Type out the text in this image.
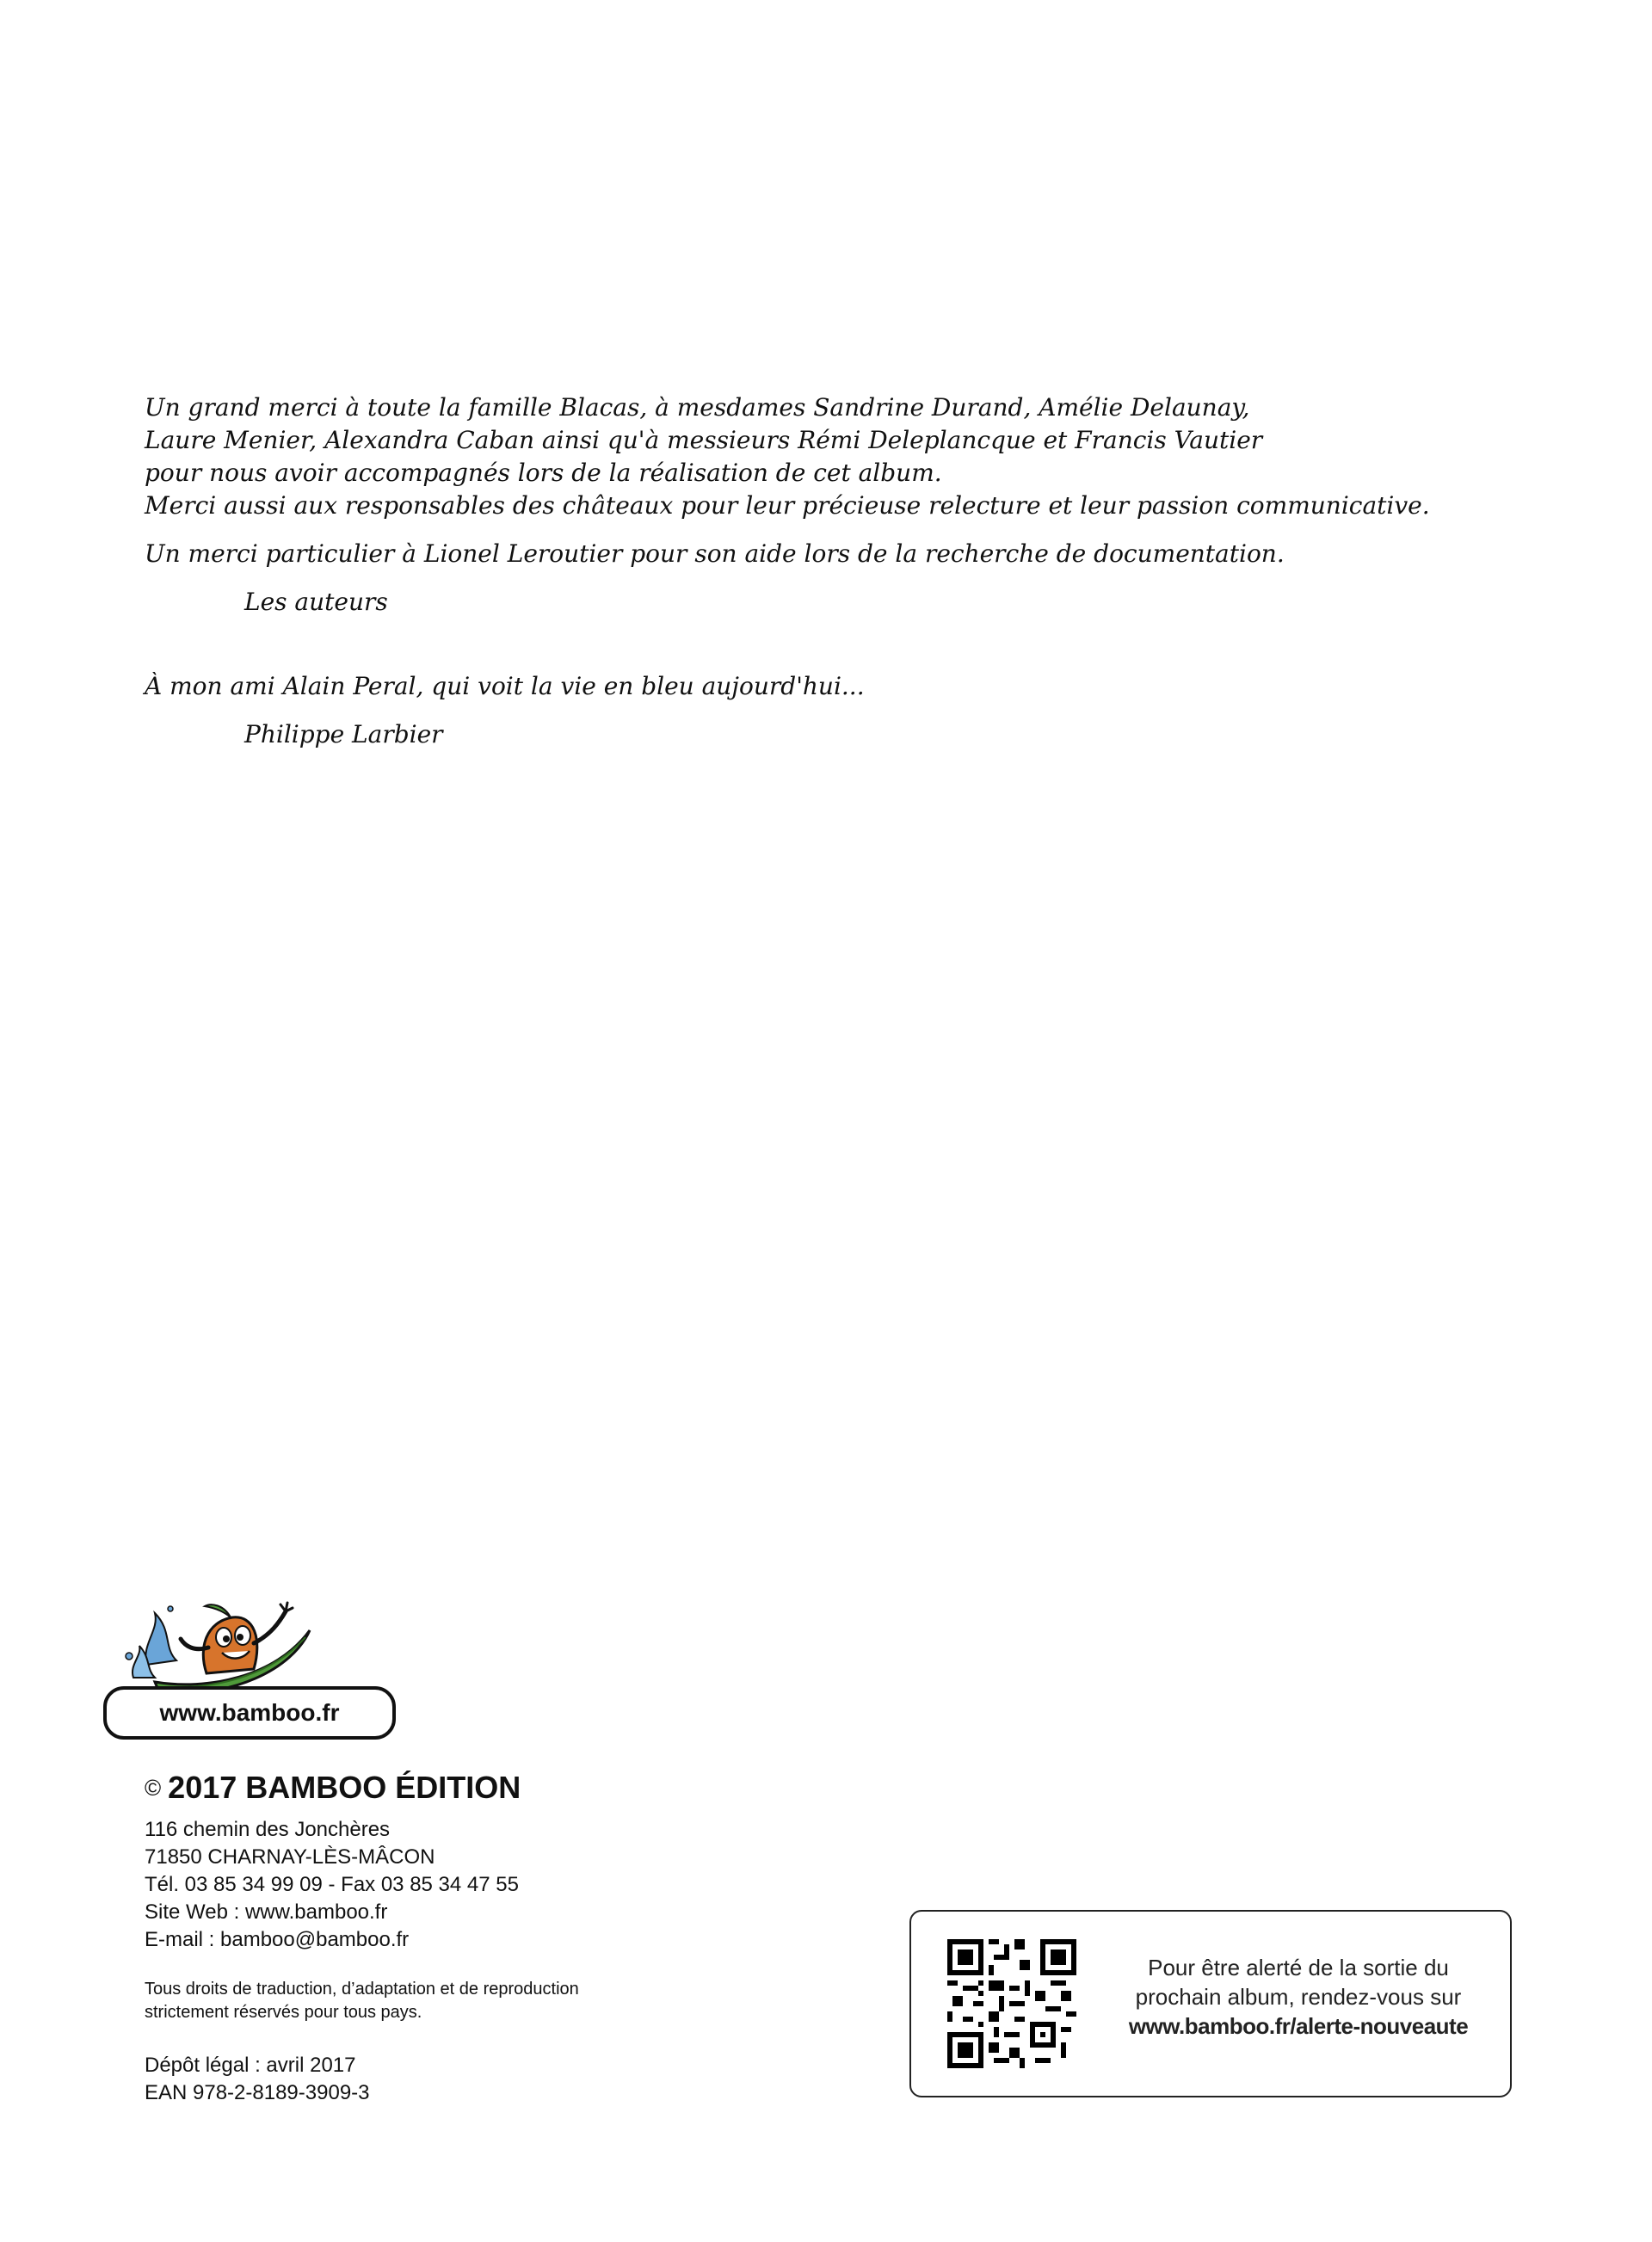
Un grand merci à toute la famille Blacas, à mesdames Sandrine Durand, Amélie Delaunay,

Laure Menier, Alexandra Caban ainsi qu'à messieurs Rémi Deleplancque et Francis Vautier

pour nous avoir accompagnés lors de la réalisation de cet album.

Merci aussi aux responsables des châteaux pour leur précieuse relecture et leur passion communicative.

Un merci particulier à Lionel Leroutier pour son aide lors de la recherche de documentation.

Les auteurs

À mon ami Alain Peral, qui voit la vie en bleu aujourd'hui...

Philippe Larbier

www.bamboo.fr

© 2017 BAMBOO ÉDITION

116 chemin des Jonchères

71850 CHARNAY-LÈS-MÂCON

Tél. 03 85 34 99 09 - Fax 03 85 34 47 55

Site Web : www.bamboo.fr

E-mail : bamboo@bamboo.fr

Tous droits de traduction, d’adaptation et de reproduction
strictement réservés pour tous pays.
Dépôt légal : avril 2017
EAN 978-2-8189-3909-3
Pour être alerté de la sortie du
prochain album, rendez-vous sur
www.bamboo.fr/alerte-nouveaute
